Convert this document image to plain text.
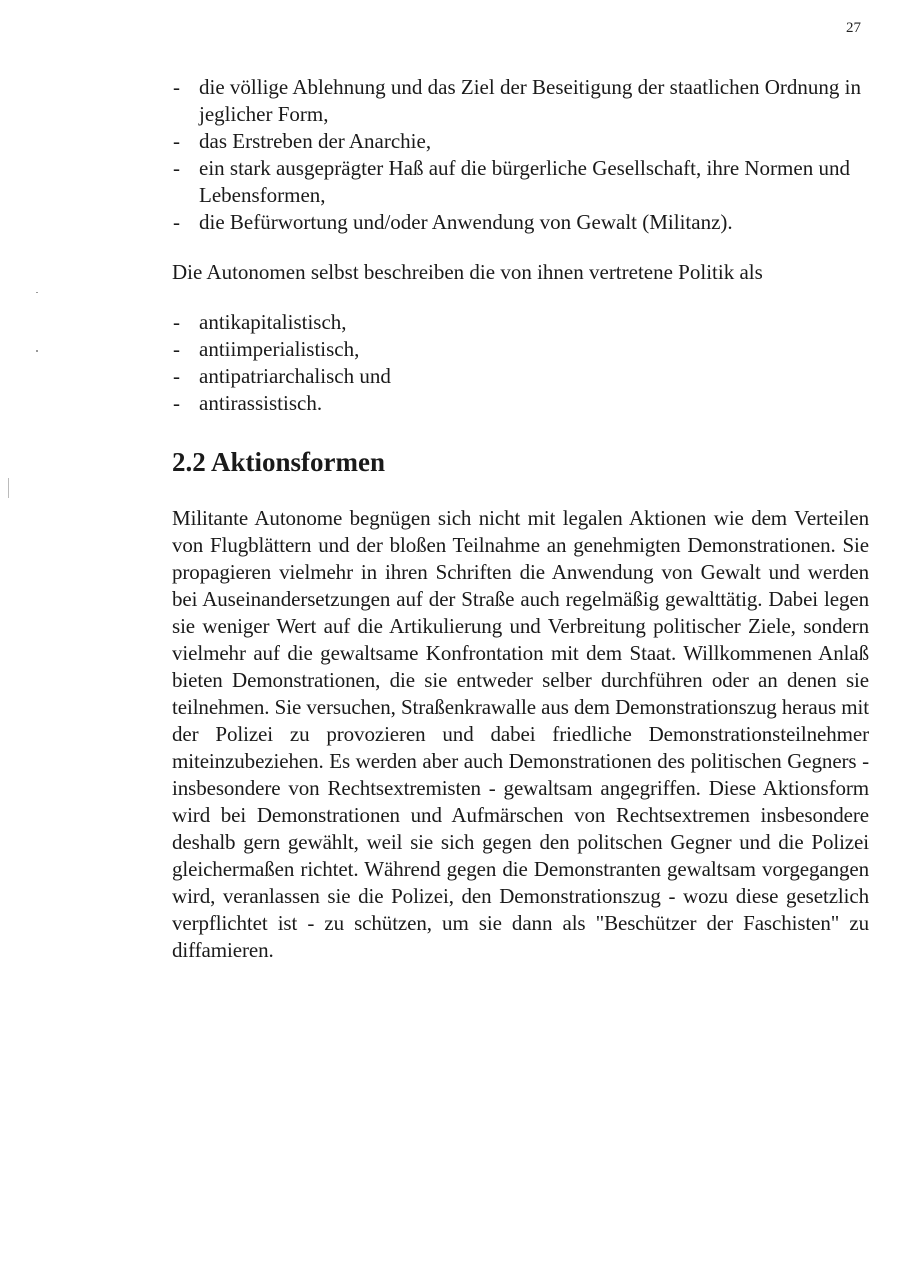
27
- die völlige Ablehnung und das Ziel der Beseitigung der staatlichen Ordnung in jeglicher Form,
- das Erstreben der Anarchie,
- ein stark ausgeprägter Haß auf die bürgerliche Gesellschaft, ihre Normen und Lebensformen,
- die Befürwortung und/oder Anwendung von Gewalt (Militanz).

Die Autonomen selbst beschreiben die von ihnen vertretene Politik als

- antikapitalistisch,
- antiimperialistisch,
- antipatriarchalisch und
- antirassistisch.
2.2 Aktionsformen

Militante Autonome begnügen sich nicht mit legalen Aktionen wie dem Verteilen von Flugblättern und der bloßen Teilnahme an genehmigten Demonstrationen. Sie propagieren vielmehr in ihren Schriften die Anwendung von Gewalt und werden bei Auseinandersetzungen auf der Straße auch regelmäßig gewalttätig. Dabei legen sie weniger Wert auf die Artikulierung und Verbreitung politischer Ziele, sondern vielmehr auf die gewaltsame Konfrontation mit dem Staat. Willkommenen Anlaß bieten Demonstrationen, die sie entweder selber durchführen oder an denen sie teilnehmen. Sie versuchen, Straßenkrawalle aus dem Demonstrationszug heraus mit der Polizei zu provozieren und dabei friedliche Demonstrationsteilnehmer miteinzubeziehen. Es werden aber auch Demonstrationen des politischen Gegners - insbesondere von Rechtsextremisten - gewaltsam angegriffen. Diese Aktionsform wird bei Demonstrationen und Aufmärschen von Rechtsextremen insbesondere deshalb gern gewählt, weil sie sich gegen den politschen Gegner und die Polizei gleichermaßen richtet. Während gegen die Demonstranten gewaltsam vorgegangen wird, veranlassen sie die Polizei, den Demonstrationszug - wozu diese gesetzlich verpflichtet ist - zu schützen, um sie dann als "Beschützer der Faschisten" zu diffamieren.
